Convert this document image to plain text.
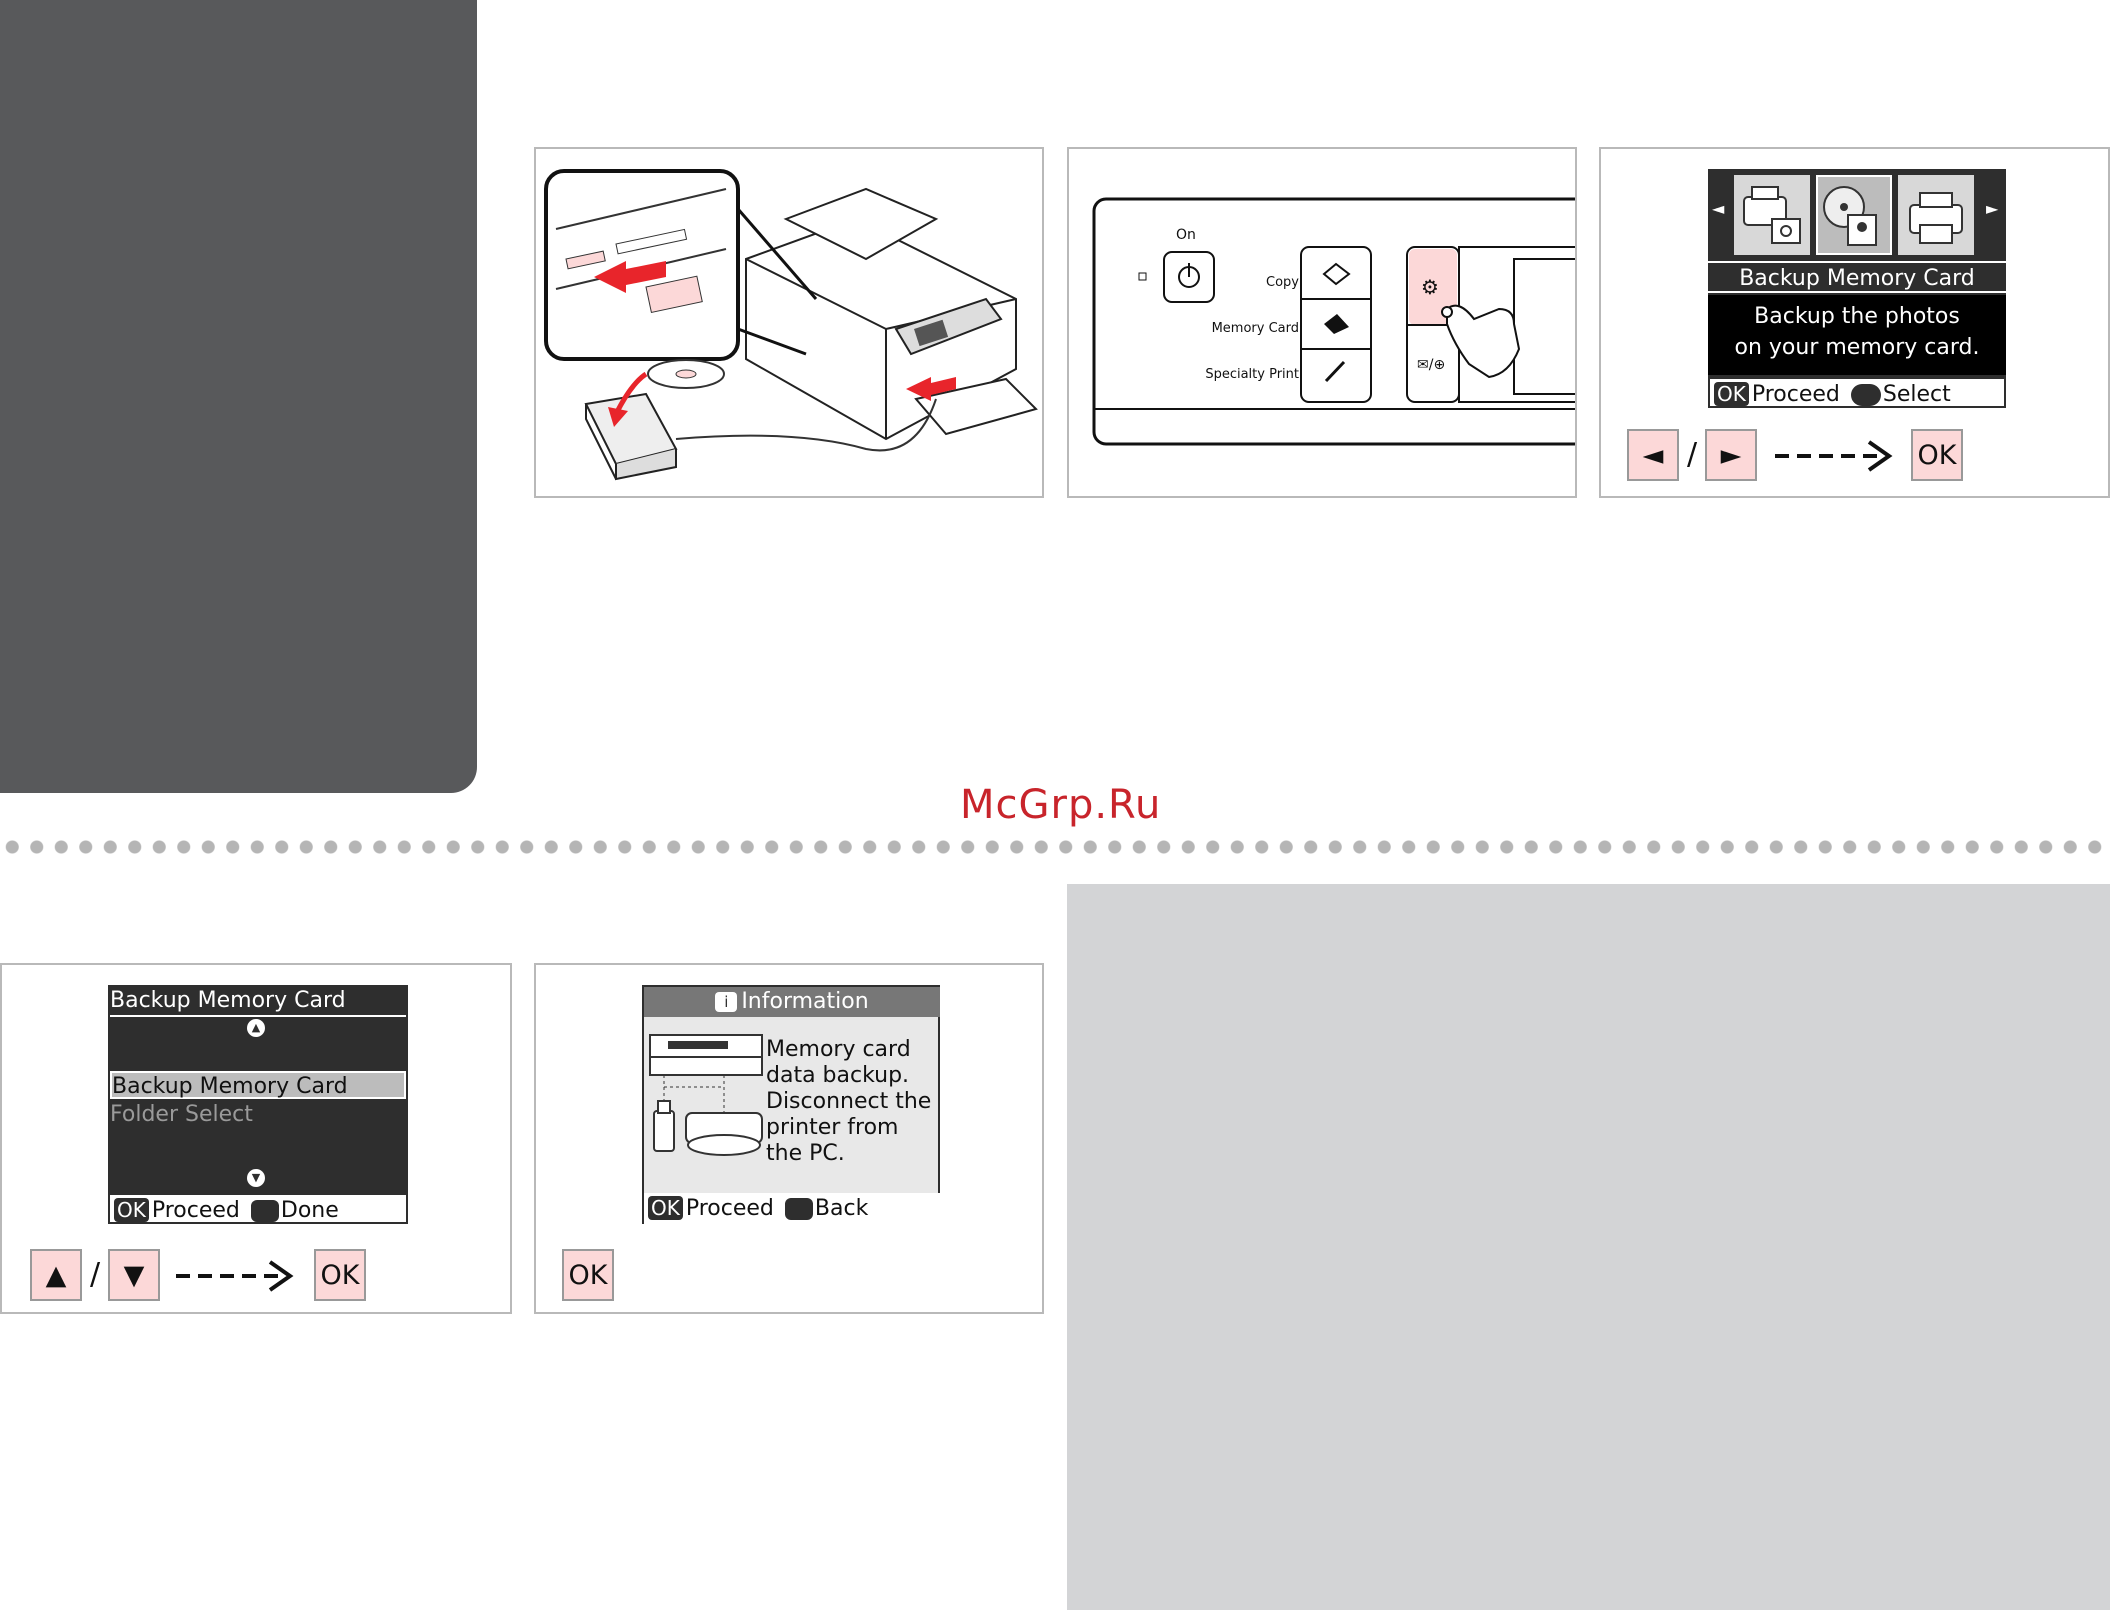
McGrp.Ru
⚙
✉/⊕
On
Copy
Memory Card
Specialty Print
◄	►
Backup Memory Card
Backup the photos
on your memory card.
OK Proceed Select
◄ / ►	OK
Backup Memory Card
▲
Backup Memory Card
Folder Select
▼
OK Proceed Done
▲ / ▼	OK
i Information
Memory card
data backup.
Disconnect the
printer from
the PC.
OK Proceed Back
OK
